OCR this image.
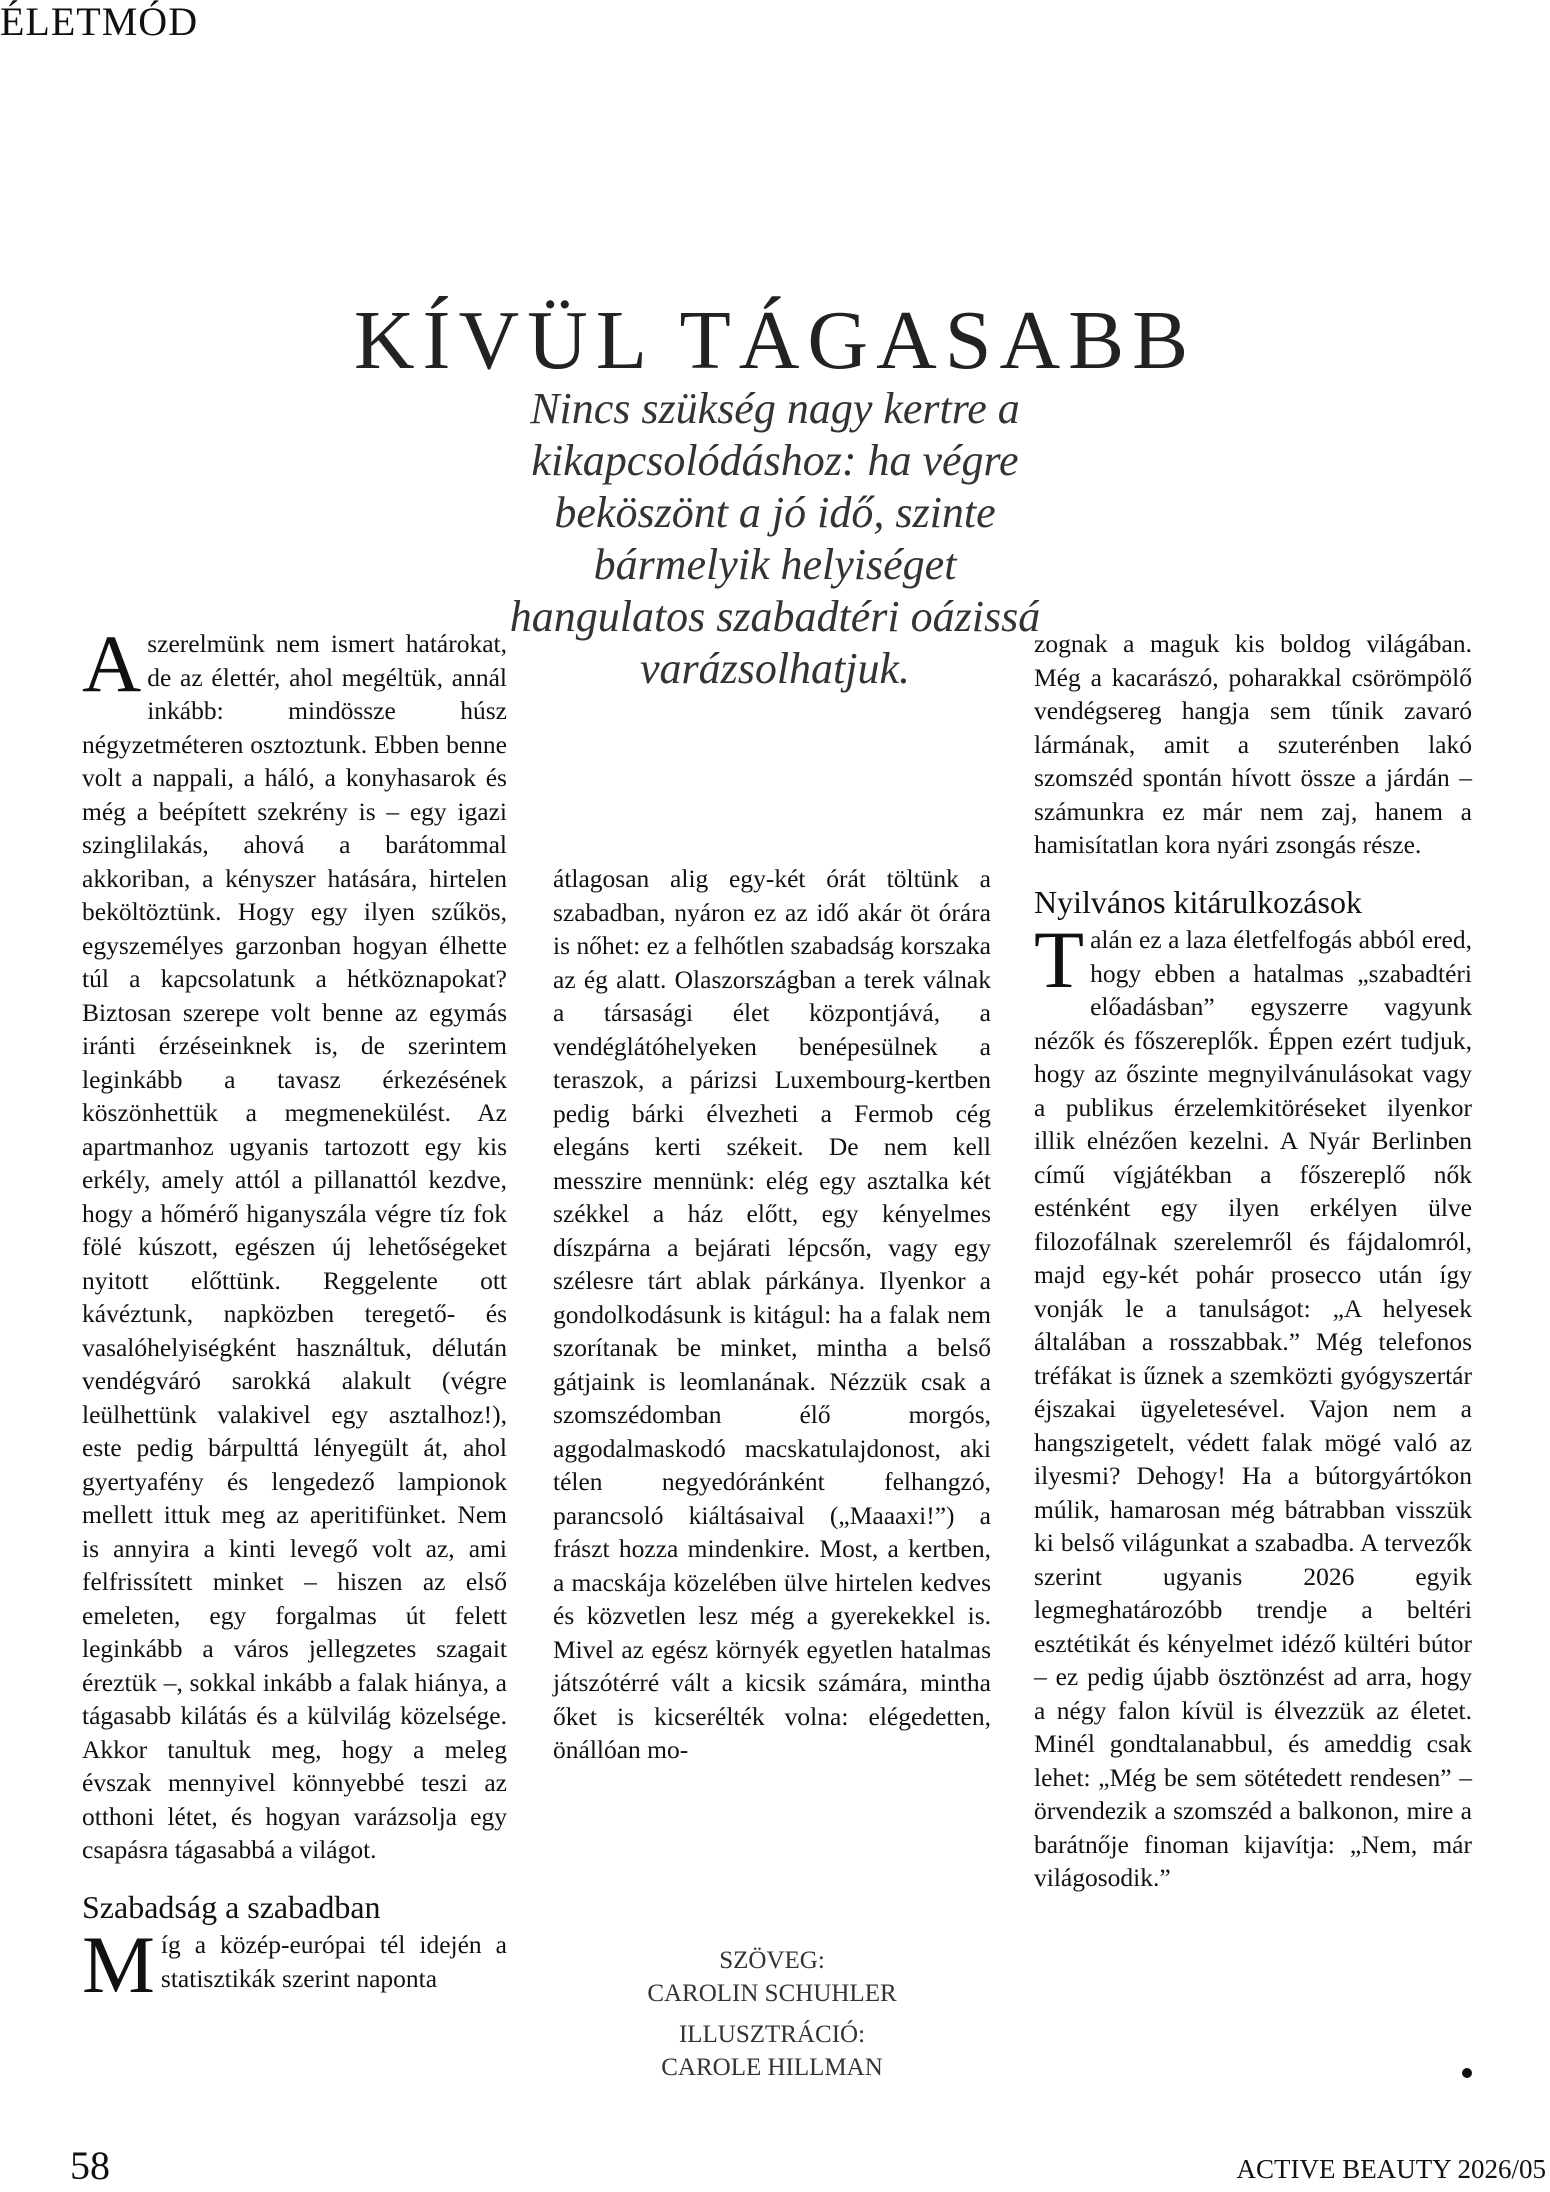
ÉLETMÓD
KÍVÜL TÁGASABB
Nincs szükség nagy kertre a kikapcsolódáshoz: ha végre beköszönt a jó idő, szinte bármelyik helyiséget hangulatos szabadtéri oázissá varázsolhatjuk.

Aszerelmünk nem ismert határokat, de az élettér, ahol megéltük, annál inkább: mindössze húsz négyzetméteren osztoztunk. Ebben benne volt a nappali, a háló, a konyhasarok és még a beépített szekrény is – egy igazi szinglilakás, ahová a barátommal akkoriban, a kényszer hatására, hirtelen beköltöztünk. Hogy egy ilyen szűkös, egyszemélyes garzonban hogyan élhette túl a kapcsolatunk a hétköznapokat? Biztosan szerepe volt benne az egymás iránti érzéseinknek is, de szerintem leginkább a tavasz érkezésének köszönhettük a megmenekülést. Az apartmanhoz ugyanis tartozott egy kis erkély, amely attól a pillanattól kezdve, hogy a hőmérő higanyszála végre tíz fok fölé kúszott, egészen új lehetőségeket nyitott előttünk. Reggelente ott kávéztunk, napközben teregető- és vasalóhelyiségként használtuk, délután vendégváró sarokká alakult (végre leülhettünk valakivel egy asztalhoz!), este pedig bárpulttá lényegült át, ahol gyertyafény és lengedező lampionok mellett ittuk meg az aperitifünket. Nem is annyira a kinti levegő volt az, ami felfrissített minket – hiszen az első emeleten, egy forgalmas út felett leginkább a város jellegzetes szagait éreztük –, sokkal inkább a falak hiánya, a tágasabb kilátás és a külvilág közelsége. Akkor tanultuk meg, hogy a meleg évszak mennyivel könnyebbé teszi az otthoni létet, és hogyan varázsolja egy csapásra tágasabbá a világot.

Szabadság a szabadban

Míg a közép-európai tél idején a statisztikák szerint naponta

átlagosan alig egy-két órát töltünk a szabadban, nyáron ez az idő akár öt órára is nőhet: ez a felhőtlen szabadság korszaka az ég alatt. Olaszországban a terek válnak a társasági élet központjává, a vendéglátóhelyeken benépesülnek a teraszok, a párizsi Luxembourg-kertben pedig bárki élvezheti a Fermob cég elegáns kerti székeit. De nem kell messzire mennünk: elég egy asztalka két székkel a ház előtt, egy kényelmes díszpárna a bejárati lépcsőn, vagy egy szélesre tárt ablak párkánya. Ilyenkor a gondolkodásunk is kitágul: ha a falak nem szorítanak be minket, mintha a belső gátjaink is leomlanának. Nézzük csak a szomszédomban élő morgós, aggodalmaskodó macskatulajdonost, aki télen negyedóránként felhangzó, parancsoló kiáltásaival („Maaaxi!”) a frászt hozza mindenkire. Most, a kertben, a macskája közelében ülve hirtelen kedves és közvetlen lesz még a gyerekekkel is. Mivel az egész környék egyetlen hatalmas játszótérré vált a kicsik számára, mintha őket is kicserélték volna: elégedetten, önállóan mo-

SZÖVEG:
CAROLIN SCHUHLER
ILLUSZTRÁCIÓ:
CAROLE HILLMAN

zognak a maguk kis boldog világában. Még a kacarászó, poharakkal csörömpölő vendégsereg hangja sem tűnik zavaró lármának, amit a szuterénben lakó szomszéd spontán hívott össze a járdán – számunkra ez már nem zaj, hanem a hamisítatlan kora nyári zsongás része.

Nyilvános kitárulkozások

Talán ez a laza életfelfogás abból ered, hogy ebben a hatalmas „szabadtéri előadásban” egyszerre vagyunk nézők és főszereplők. Éppen ezért tudjuk, hogy az őszinte megnyilvánulásokat vagy a publikus érzelemkitöréseket ilyenkor illik elnézően kezelni. A Nyár Berlinben című vígjátékban a főszereplő nők esténként egy ilyen erkélyen ülve filozofálnak szerelemről és fájdalomról, majd egy-két pohár prosecco után így vonják le a tanulságot: „A helyesek általában a rosszabbak.” Még telefonos tréfákat is űznek a szemközti gyógyszertár éjszakai ügyeletesével. Vajon nem a hangszigetelt, védett falak mögé való az ilyesmi? Dehogy! Ha a bútorgyártókon múlik, hamarosan még bátrabban visszük ki belső világunkat a szabadba. A tervezők szerint ugyanis 2026 egyik legmeghatározóbb trendje a beltéri esztétikát és kényelmet idéző kültéri bútor – ez pedig újabb ösztönzést ad arra, hogy a négy falon kívül is élvezzük az életet. Minél gondtalanabbul, és ameddig csak lehet: „Még be sem sötétedett rendesen” – örvendezik a szomszéd a balkonon, mire a barátnője finoman kijavítja: „Nem, már világosodik.”

58	ACTIVE BEAUTY 2026/05
